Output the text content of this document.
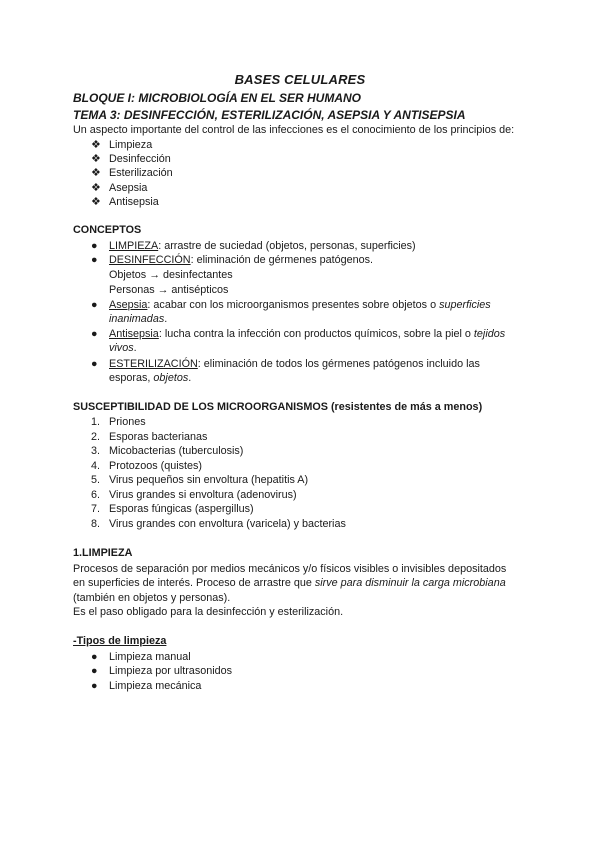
BASES CELULARES
BLOQUE I: MICROBIOLOGÍA EN EL SER HUMANO
TEMA 3: DESINFECCIÓN, ESTERILIZACIÓN, ASEPSIA Y ANTISEPSIA
Un aspecto importante del control de las infecciones es el conocimiento de los principios de:
❖ Limpieza
❖ Desinfección
❖ Esterilización
❖ Asepsia
❖ Antisepsia
CONCEPTOS
● LIMPIEZA: arrastre de suciedad (objetos, personas, superficies)
● DESINFECCIÓN: eliminación de gérmenes patógenos.
Objetos → desinfectantes
Personas → antisépticos
● Asepsia: acabar con los microorganismos presentes sobre objetos o superficies
inanimadas.
● Antisepsia: lucha contra la infección con productos químicos, sobre la piel o tejidos
vivos.
● ESTERILIZACIÓN: eliminación de todos los gérmenes patógenos incluido las
esporas, objetos.
SUSCEPTIBILIDAD DE LOS MICROORGANISMOS (resistentes de más a menos)
1. Priones
2. Esporas bacterianas
3. Micobacterias (tuberculosis)
4. Protozoos (quistes)
5. Virus pequeños sin envoltura (hepatitis A)
6. Virus grandes si envoltura (adenovirus)
7. Esporas fúngicas (aspergillus)
8. Virus grandes con envoltura (varicela) y bacterias
1.LIMPIEZA
Procesos de separación por medios mecánicos y/o físicos visibles o invisibles depositados
en superficies de interés. Proceso de arrastre que sirve para disminuir la carga microbiana
(también en objetos y personas).
Es el paso obligado para la desinfección y esterilización.
-Tipos de limpieza
● Limpieza manual
● Limpieza por ultrasonidos
● Limpieza mecánica
